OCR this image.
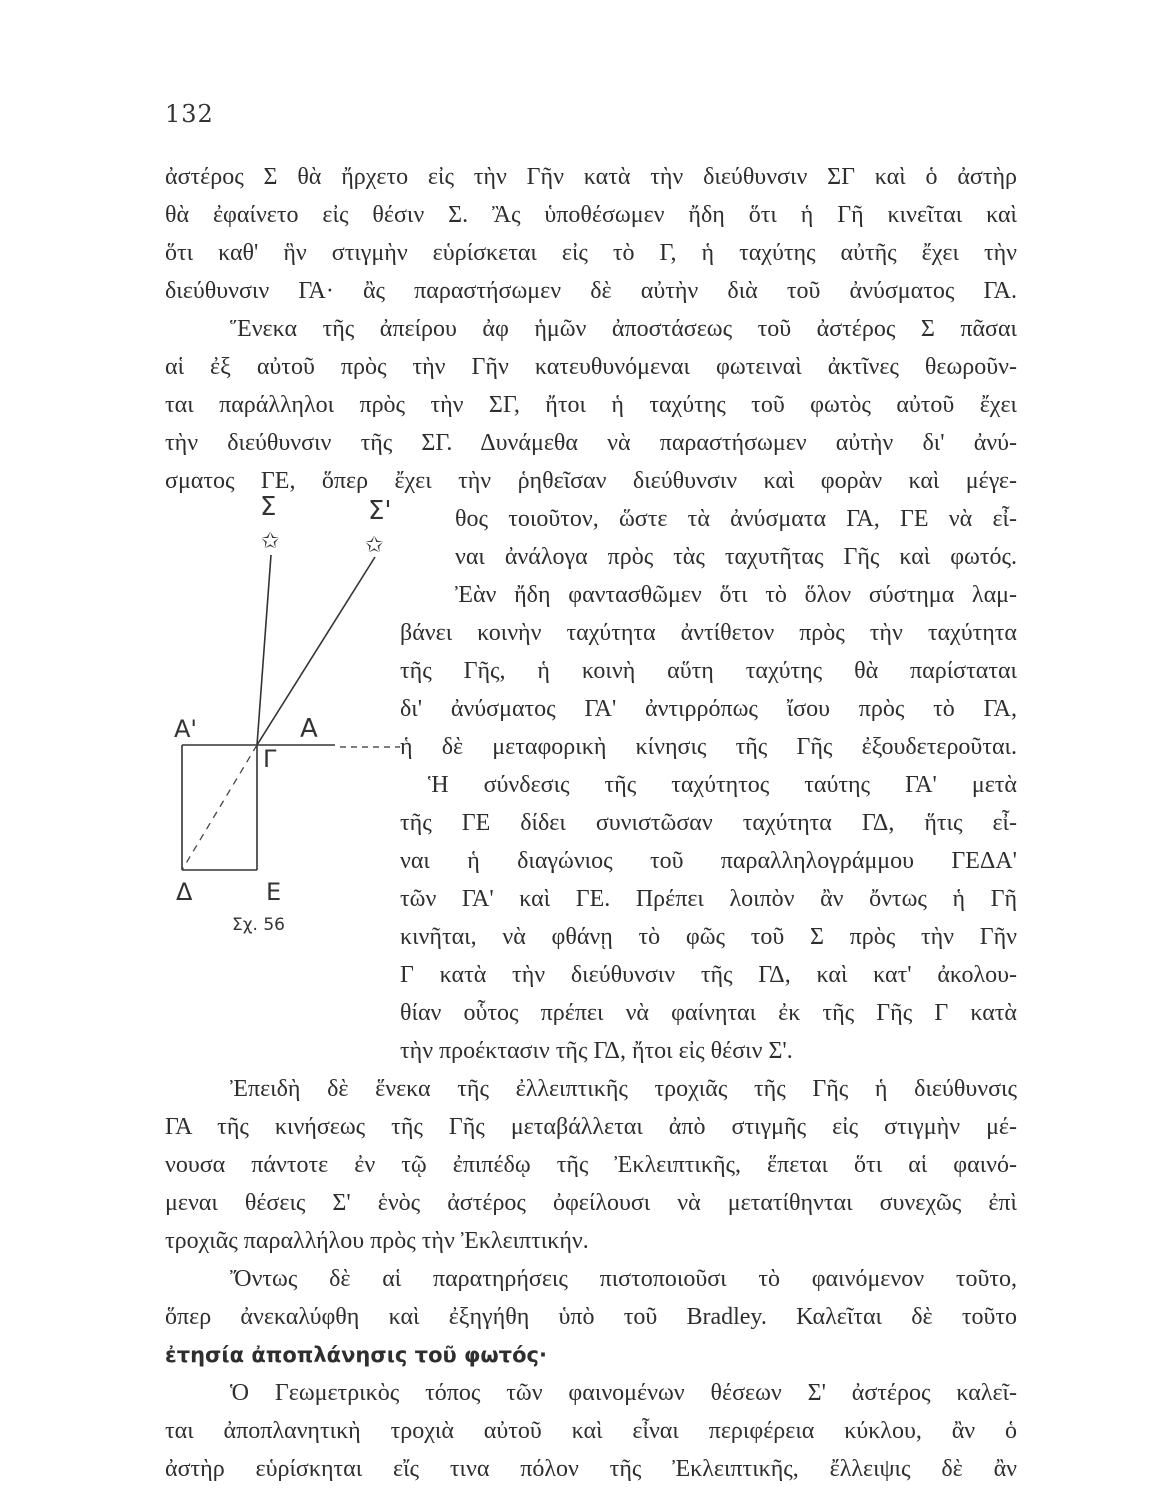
132
ἀστέρος Σ θὰ ἤρχετο εἰς τὴν Γῆν κατὰ τὴν διεύθυνσιν ΣΓ καὶ ὁ ἀστὴρ
θὰ ἐφαίνετο εἰς θέσιν Σ. Ἂς ὑποθέσωμεν ἤδη ὅτι ἡ Γῆ κινεῖται καὶ
ὅτι καθ' ἣν στιγμὴν εὑρίσκεται εἰς τὸ Γ, ἡ ταχύτης αὐτῆς ἔχει τὴν
διεύθυνσιν ΓΑ· ἂς παραστήσωμεν δὲ αὐτὴν διὰ τοῦ ἀνύσματος ΓΑ.
Ἕνεκα τῆς ἀπείρου ἀφ ἡμῶν ἀποστάσεως τοῦ ἀστέρος Σ πᾶσαι
αἱ ἐξ αὐτοῦ πρὸς τὴν Γῆν κατευθυνόμεναι φωτειναὶ ἀκτῖνες θεωροῦν-
ται παράλληλοι πρὸς τὴν ΣΓ, ἤτοι ἡ ταχύτης τοῦ φωτὸς αὐτοῦ ἔχει
τὴν διεύθυνσιν τῆς ΣΓ. Δυνάμεθα νὰ παραστήσωμεν αὐτὴν δι' ἀνύ-
σματος ΓΕ, ὅπερ ἔχει τὴν ῥηθεῖσαν διεύθυνσιν καὶ φορὰν καὶ μέγε-
θος τοιοῦτον, ὥστε τὰ ἀνύσματα ΓΑ, ΓΕ νὰ εἶ-
ναι ἀνάλογα πρὸς τὰς ταχυτῆτας Γῆς καὶ φωτός.
Ἐὰν ἤδη φαντασθῶμεν ὅτι τὸ ὅλον σύστημα λαμ-
βάνει κοινὴν ταχύτητα ἀντίθετον πρὸς τὴν ταχύτητα
τῆς Γῆς, ἡ κοινὴ αὕτη ταχύτης θὰ παρίσταται
δι' ἀνύσματος ΓΑ' ἀντιρρόπως ἴσου πρὸς τὸ ΓΑ,
ἡ δὲ μεταφορικὴ κίνησις τῆς Γῆς ἐξουδετεροῦται.
Ἡ σύνδεσις τῆς ταχύτητος ταύτης ΓΑ' μετὰ
τῆς ΓΕ δίδει συνιστῶσαν ταχύτητα ΓΔ, ἥτις εἶ-
ναι ἡ διαγώνιος τοῦ παραλληλογράμμου ΓΕΔΑ'
τῶν ΓΑ' καὶ ΓΕ. Πρέπει λοιπὸν ἂν ὄντως ἡ Γῆ
κινῆται, νὰ φθάνῃ τὸ φῶς τοῦ Σ πρὸς τὴν Γῆν
Γ κατὰ τὴν διεύθυνσιν τῆς ΓΔ, καὶ κατ' ἀκολου-
θίαν οὗτος πρέπει νὰ φαίνηται ἐκ τῆς Γῆς Γ κατὰ
τὴν προέκτασιν τῆς ΓΔ, ἤτοι εἰς θέσιν Σ'.
Ἐπειδὴ δὲ ἕνεκα τῆς ἐλλειπτικῆς τροχιᾶς τῆς Γῆς ἡ διεύθυνσις
ΓΑ τῆς κινήσεως τῆς Γῆς μεταβάλλεται ἀπὸ στιγμῆς εἰς στιγμὴν μέ-
νουσα πάντοτε ἐν τῷ ἐπιπέδῳ τῆς Ἐκλειπτικῆς, ἕπεται ὅτι αἱ φαινό-
μεναι θέσεις Σ' ἑνὸς ἀστέρος ὀφείλουσι νὰ μετατίθηνται συνεχῶς ἐπὶ
τροχιᾶς παραλλήλου πρὸς τὴν Ἐκλειπτικήν.
Ὄντως δὲ αἱ παρατηρήσεις πιστοποιοῦσι τὸ φαινόμενον τοῦτο,
ὅπερ ἀνεκαλύφθη καὶ ἐξηγήθη ὑπὸ τοῦ Bradley. Καλεῖται δὲ τοῦτο
ἐτησία ἀποπλάνησις τοῦ φωτός·
Ὁ Γεωμετρικὸς τόπος τῶν φαινομένων θέσεων Σ' ἀστέρος καλεῖ-
ται ἀποπλανητικὴ τροχιὰ αὐτοῦ καὶ εἶναι περιφέρεια κύκλου, ἂν ὁ
ἀστὴρ εὑρίσκηται εἴς τινα πόλον τῆς Ἐκλειπτικῆς, ἔλλειψις δὲ ἂν
Σ	Σ'
✩	✩
Α'	Α
Γ
Δ	Ε
Σχ. 56
